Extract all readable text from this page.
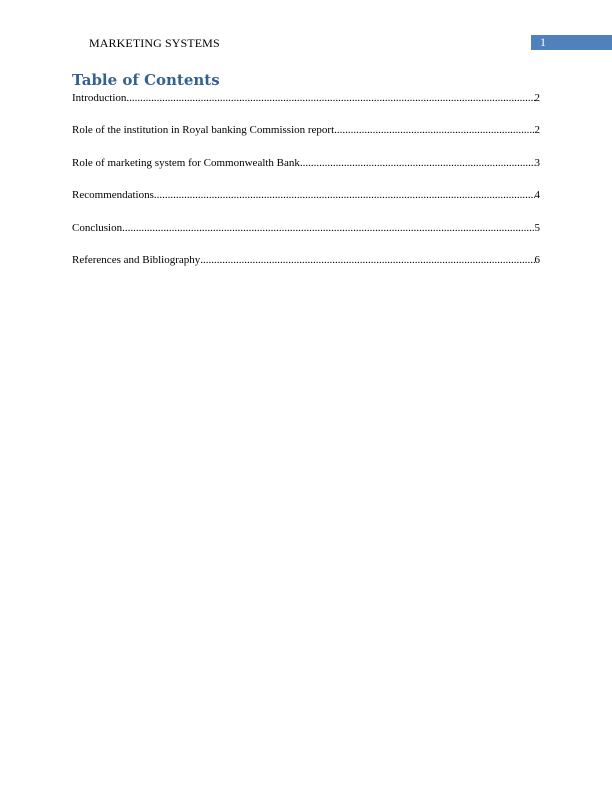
MARKETING SYSTEMS	1
Table of Contents
Introduction .....	2
Role of the institution in Royal banking Commission report .....	2
Role of marketing system for Commonwealth Bank .....	3
Recommendations .....	4
Conclusion .....	5
References and Bibliography .....	6
